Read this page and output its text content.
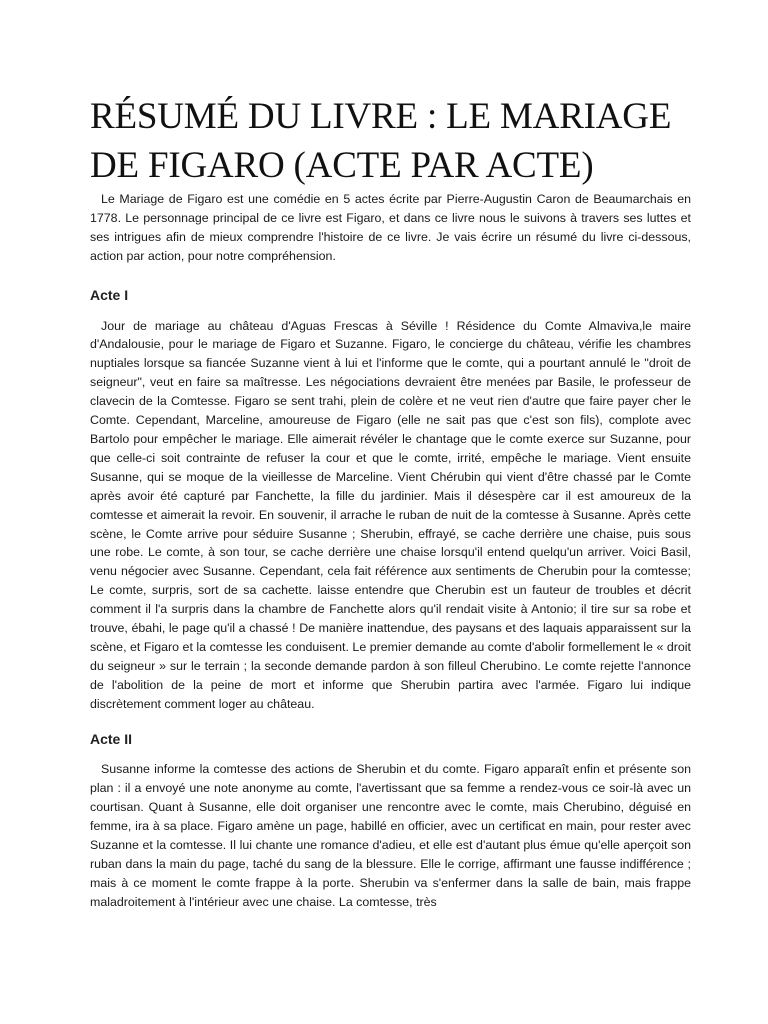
RÉSUMÉ DU LIVRE : LE MARIAGE DE FIGARO (ACTE PAR ACTE)

Le Mariage de Figaro est une comédie en 5 actes écrite par Pierre-Augustin Caron de Beaumarchais en 1778. Le personnage principal de ce livre est Figaro, et dans ce livre nous le suivons à travers ses luttes et ses intrigues afin de mieux comprendre l'histoire de ce livre. Je vais écrire un résumé du livre ci-dessous, action par action, pour notre compréhension.

Acte I

Jour de mariage au château d'Aguas Frescas à Séville ! Résidence du Comte Almaviva,le maire d'Andalousie, pour le mariage de Figaro et Suzanne. Figaro, le concierge du château, vérifie les chambres nuptiales lorsque sa fiancée Suzanne vient à lui et l'informe que le comte, qui a pourtant annulé le "droit de seigneur", veut en faire sa maîtresse. Les négociations devraient être menées par Basile, le professeur de clavecin de la Comtesse. Figaro se sent trahi, plein de colère et ne veut rien d'autre que faire payer cher le Comte. Cependant, Marceline, amoureuse de Figaro (elle ne sait pas que c'est son fils), complote avec Bartolo pour empêcher le mariage. Elle aimerait révéler le chantage que le comte exerce sur Suzanne, pour que celle-ci soit contrainte de refuser la cour et que le comte, irrité, empêche le mariage. Vient ensuite Susanne, qui se moque de la vieillesse de Marceline. Vient Chérubin qui vient d'être chassé par le Comte après avoir été capturé par Fanchette, la fille du jardinier. Mais il désespère car il est amoureux de la comtesse et aimerait la revoir. En souvenir, il arrache le ruban de nuit de la comtesse à Susanne. Après cette scène, le Comte arrive pour séduire Susanne ; Sherubin, effrayé, se cache derrière une chaise, puis sous une robe. Le comte, à son tour, se cache derrière une chaise lorsqu'il entend quelqu'un arriver. Voici Basil, venu négocier avec Susanne. Cependant, cela fait référence aux sentiments de Cherubin pour la comtesse; Le comte, surpris, sort de sa cachette. laisse entendre que Cherubin est un fauteur de troubles et décrit comment il l'a surpris dans la chambre de Fanchette alors qu'il rendait visite à Antonio; il tire sur sa robe et trouve, ébahi, le page qu'il a chassé ! De manière inattendue, des paysans et des laquais apparaissent sur la scène, et Figaro et la comtesse les conduisent. Le premier demande au comte d'abolir formellement le « droit du seigneur » sur le terrain ; la seconde demande pardon à son filleul Cherubino. Le comte rejette l'annonce de l'abolition de la peine de mort et informe que Sherubin partira avec l'armée. Figaro lui indique discrètement comment loger au château.

Acte II

Susanne informe la comtesse des actions de Sherubin et du comte. Figaro apparaît enfin et présente son plan : il a envoyé une note anonyme au comte, l'avertissant que sa femme a rendez-vous ce soir-là avec un courtisan. Quant à Susanne, elle doit organiser une rencontre avec le comte, mais Cherubino, déguisé en femme, ira à sa place. Figaro amène un page, habillé en officier, avec un certificat en main, pour rester avec Suzanne et la comtesse. Il lui chante une romance d'adieu, et elle est d'autant plus émue qu'elle aperçoit son ruban dans la main du page, taché du sang de la blessure. Elle le corrige, affirmant une fausse indifférence ; mais à ce moment le comte frappe à la porte. Sherubin va s'enfermer dans la salle de bain, mais frappe maladroitement à l'intérieur avec une chaise. La comtesse, très
